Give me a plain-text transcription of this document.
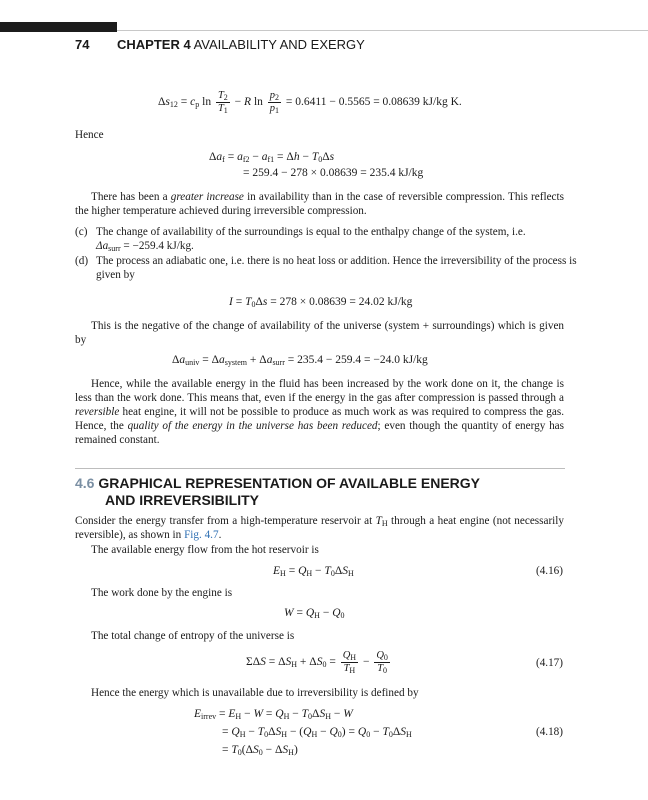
74 CHAPTER 4 AVAILABILITY AND EXERGY
$\Delta s_{12} = c_p$ $\ln \frac{T_2}{T_1} - R$ $\ln \frac{p_2}{p_1} = 0.6411 - 0.5565 = 0.08639$ kJ/kg K.
Hence
$\Delta a_f = a_{f2} - a_{f1} = \Delta h - T_0\Delta s$
= 259.4 − 278 × 0.08639 = 235.4 kJ/kg
There has been a greater increase in availability than in the case of reversible compression. This reflects the higher temperature achieved during irreversible compression.
(c) The change of availability of the surroundings is equal to the enthalpy change of the system, i.e.
$\Delta a_{surr} = -259.4$ kJ/kg.
(d) The process an adiabatic one, i.e. there is no heat loss or addition. Hence the irreversibility of the process is given by
$I = T_0\Delta s = 278 \times 0.08639 = 24.02$ kJ/kg
This is the negative of the change of availability of the universe (system + surroundings) which is given by
$\Delta a_{univ} = \Delta a_{system} + \Delta a_{surr} = 235.4 - 259.4 = -24.0$ kJ/kg
Hence, while the available energy in the fluid has been increased by the work done on it, the change is less than the work done. This means that, even if the energy in the gas after compression is passed through a reversible heat engine, it will not be possible to produce as much work as was required to compress the gas. Hence, the quality of the energy in the universe has been reduced; even though the quantity of energy has remained constant.
4.6 GRAPHICAL REPRESENTATION OF AVAILABLE ENERGY
AND IRREVERSIBILITY
Consider the energy transfer from a high-temperature reservoir at $T_H$ through a heat engine (not necessarily reversible), as shown in Fig. 4.7.
The available energy flow from the hot reservoir is
$E_H = Q_H - T_0\Delta S_H$	(4.16)
The work done by the engine is
$W = Q_H - Q_0$
The total change of entropy of the universe is
$\Sigma\Delta S = \Delta S_H + \Delta S_0 = \frac{Q_H}{T_H} - \frac{Q_0}{T_0}$	(4.17)
Hence the energy which is unavailable due to irreversibility is defined by
$E_{irrev} = E_H - W = Q_H - T_0\Delta S_H - W$
= $Q_H - T_0\Delta S_H - (Q_H - Q_0) = Q_0 - T_0\Delta S_H$	(4.18)
= $T_0(\Delta S_0 - \Delta S_H)$
